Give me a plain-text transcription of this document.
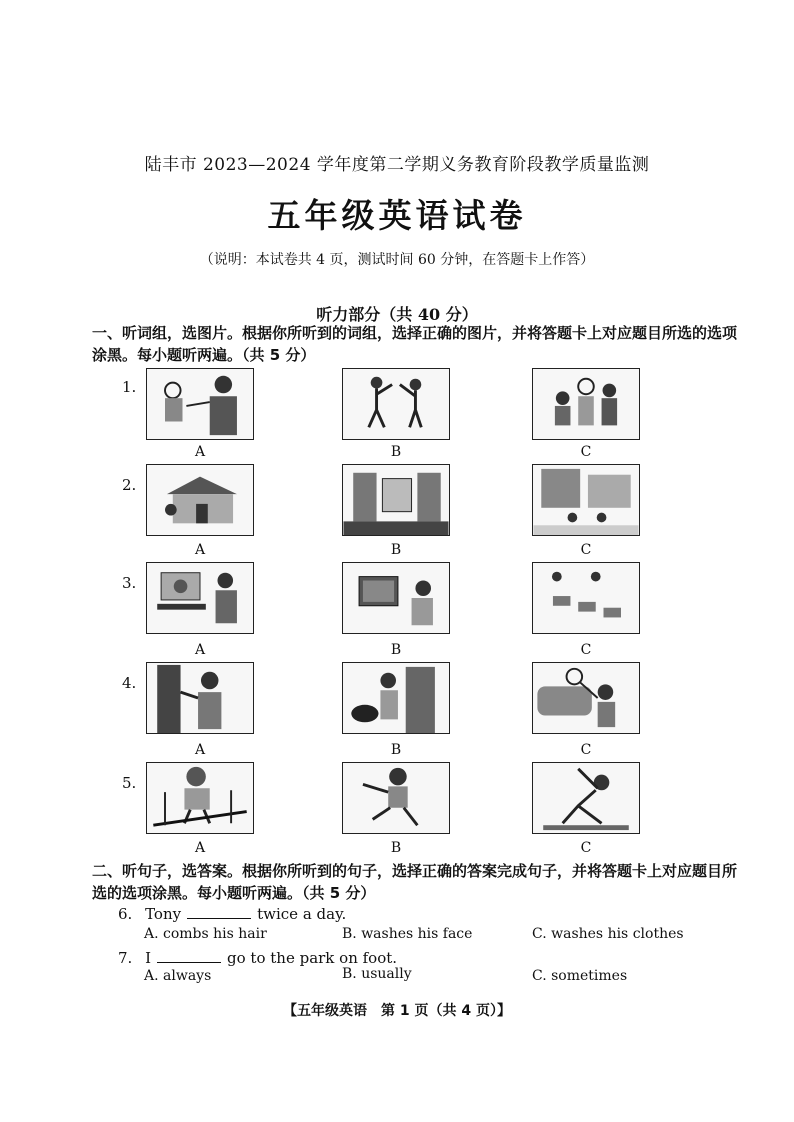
陆丰市 2023—2024 学年度第二学期义务教育阶段教学质量监测
五年级英语试卷
（说明：本试卷共 4 页，测试时间 60 分钟，在答题卡上作答）
听力部分（共 40 分）
一、听词组，选图片。根据你所听到的词组，选择正确的图片，并将答题卡上对应题目所选的选项涂黑。每小题听两遍。（共 5 分）
1.
A	B	C
2.
A	B	C
3.
A	B	C
4.
A	B	C
5.
A	B	C
二、听句子，选答案。根据你所听到的句子，选择正确的答案完成句子，并将答题卡上对应题目所选的选项涂黑。每小题听两遍。（共 5 分）
6. Tony	twice a day.
A. combs his hair	B. washes his face	C. washes his clothes
7. I	go to the park on foot.
A. always	B. usually	C. sometimes
【五年级英语　第 1 页（共 4 页）】
